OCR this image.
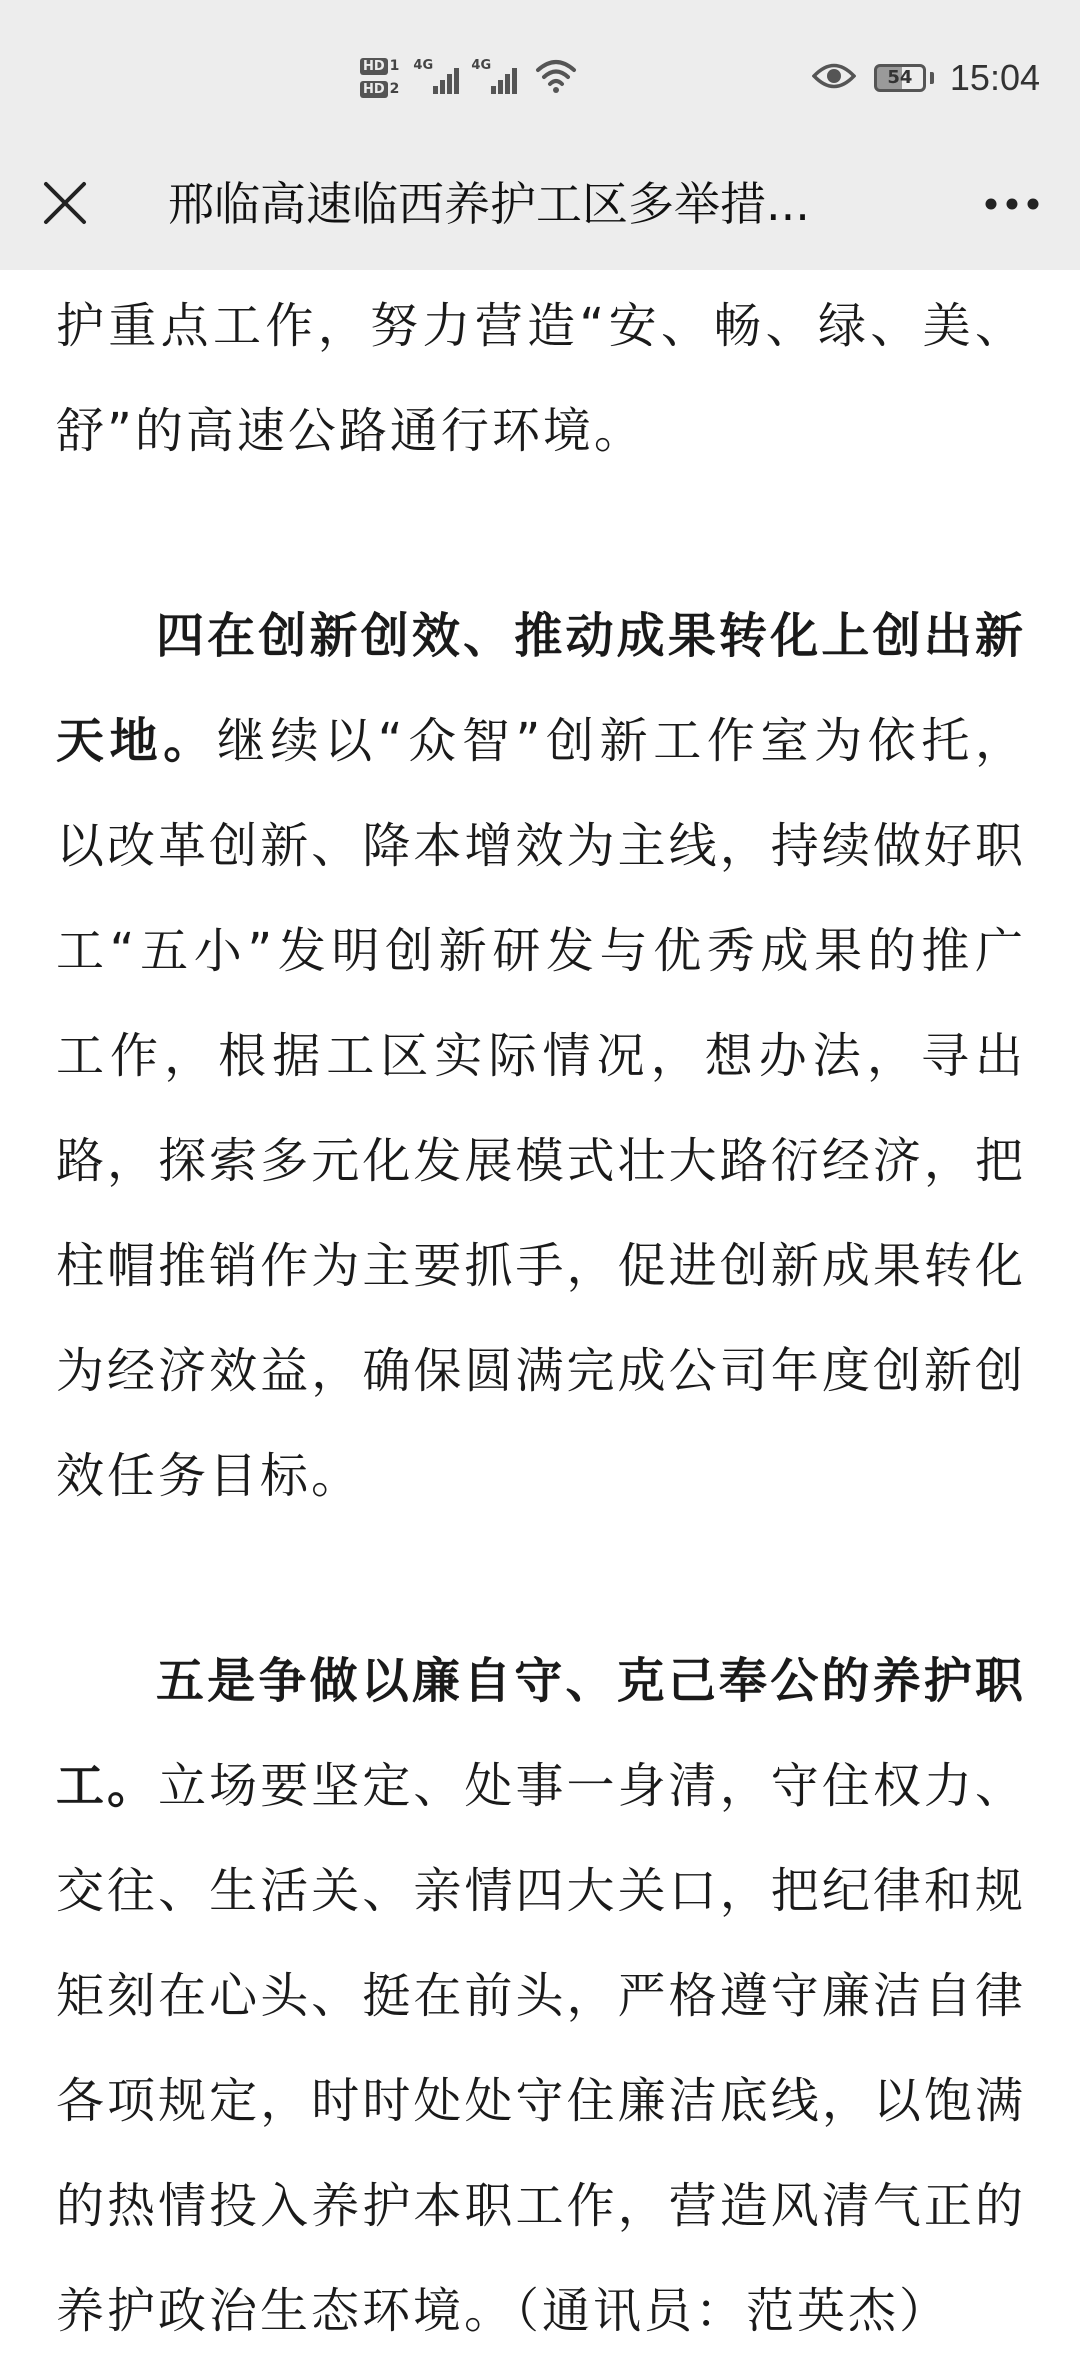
HD 1
HD 2
4G	4G
54 15:04
邢临高速临西养护工区多举措...

护重点工作，努力营造“安、畅、绿、美、舒”的高速公路通行环境。

四在创新创效、推动成果转化上创出新天地。继续以“众智”创新工作室为依托，以改革创新、降本增效为主线，持续做好职工“五小”发明创新研发与优秀成果的推广工作，根据工区实际情况，想办法，寻出路，探索多元化发展模式壮大路衍经济，把柱帽推销作为主要抓手，促进创新成果转化为经济效益，确保圆满完成公司年度创新创效任务目标。

五是争做以廉自守、克己奉公的养护职工。立场要坚定、处事一身清，守住权力、交往、生活关、亲情四大关口，把纪律和规矩刻在心头、挺在前头，严格遵守廉洁自律各项规定，时时处处守住廉洁底线，以饱满的热情投入养护本职工作，营造风清气正的养护政治生态环境。（通讯员：范英杰）
